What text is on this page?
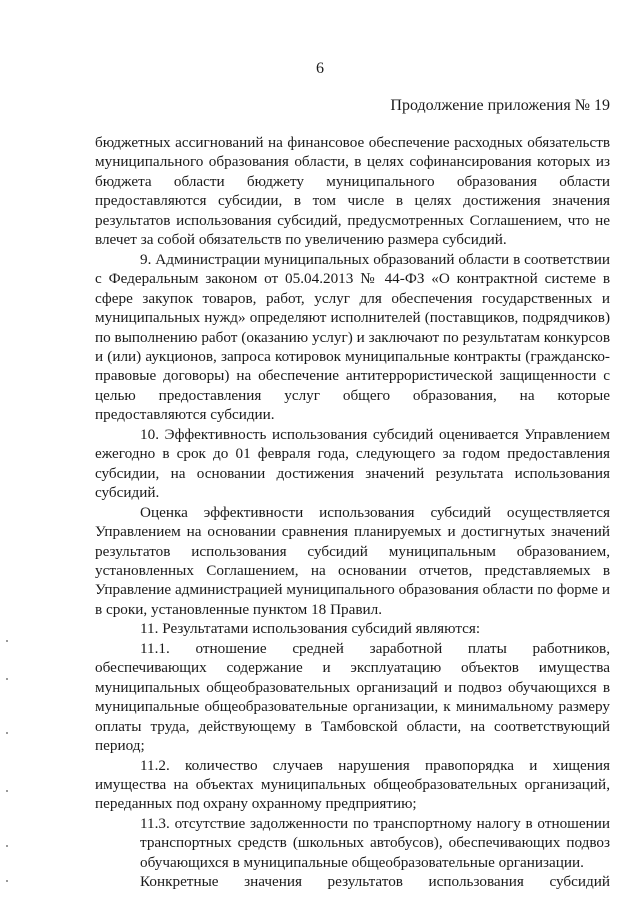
6
Продолжение приложения № 19

бюджетных ассигнований на финансовое обеспечение расходных обязательств муниципального образования области, в целях софинансирования которых из бюджета области бюджету муниципального образования области предоставляются субсидии, в том числе в целях достижения значения результатов использования субсидий, предусмотренных Соглашением, что не влечет за собой обязательств по увеличению размера субсидий.

9. Администрации муниципальных образований области в соответствии с Федеральным законом от 05.04.2013 № 44-ФЗ «О контрактной системе в сфере закупок товаров, работ, услуг для обеспечения государственных и муниципальных нужд» определяют исполнителей (поставщиков, подрядчиков) по выполнению работ (оказанию услуг) и заключают по результатам конкурсов и (или) аукционов, запроса котировок муниципальные контракты (гражданско-правовые договоры) на обеспечение антитеррористической защищенности с целью предоставления услуг общего образования, на которые предоставляются субсидии.

10. Эффективность использования субсидий оценивается Управлением ежегодно в срок до 01 февраля года, следующего за годом предоставления субсидии, на основании достижения значений результата использования субсидий.

Оценка эффективности использования субсидий осуществляется Управлением на основании сравнения планируемых и достигнутых значений результатов использования субсидий муниципальным образованием, установленных Соглашением, на основании отчетов, представляемых в Управление администрацией муниципального образования области по форме и в сроки, установленные пунктом 18 Правил.

11. Результатами использования субсидий являются:

11.1. отношение средней заработной платы работников, обеспечивающих содержание и эксплуатацию объектов имущества муниципальных общеобразовательных организаций и подвоз обучающихся в муниципальные общеобразовательные организации, к минимальному размеру оплаты труда, действующему в Тамбовской области, на соответствующий период;

11.2. количество случаев нарушения правопорядка и хищения имущества на объектах муниципальных общеобразовательных организаций, переданных под охрану охранному предприятию;

11.3. отсутствие задолженности по транспортному налогу в отношении транспортных средств (школьных автобусов), обеспечивающих подвоз обучающихся в муниципальные общеобразовательные организации.

Конкретные значения результатов использования субсидий
